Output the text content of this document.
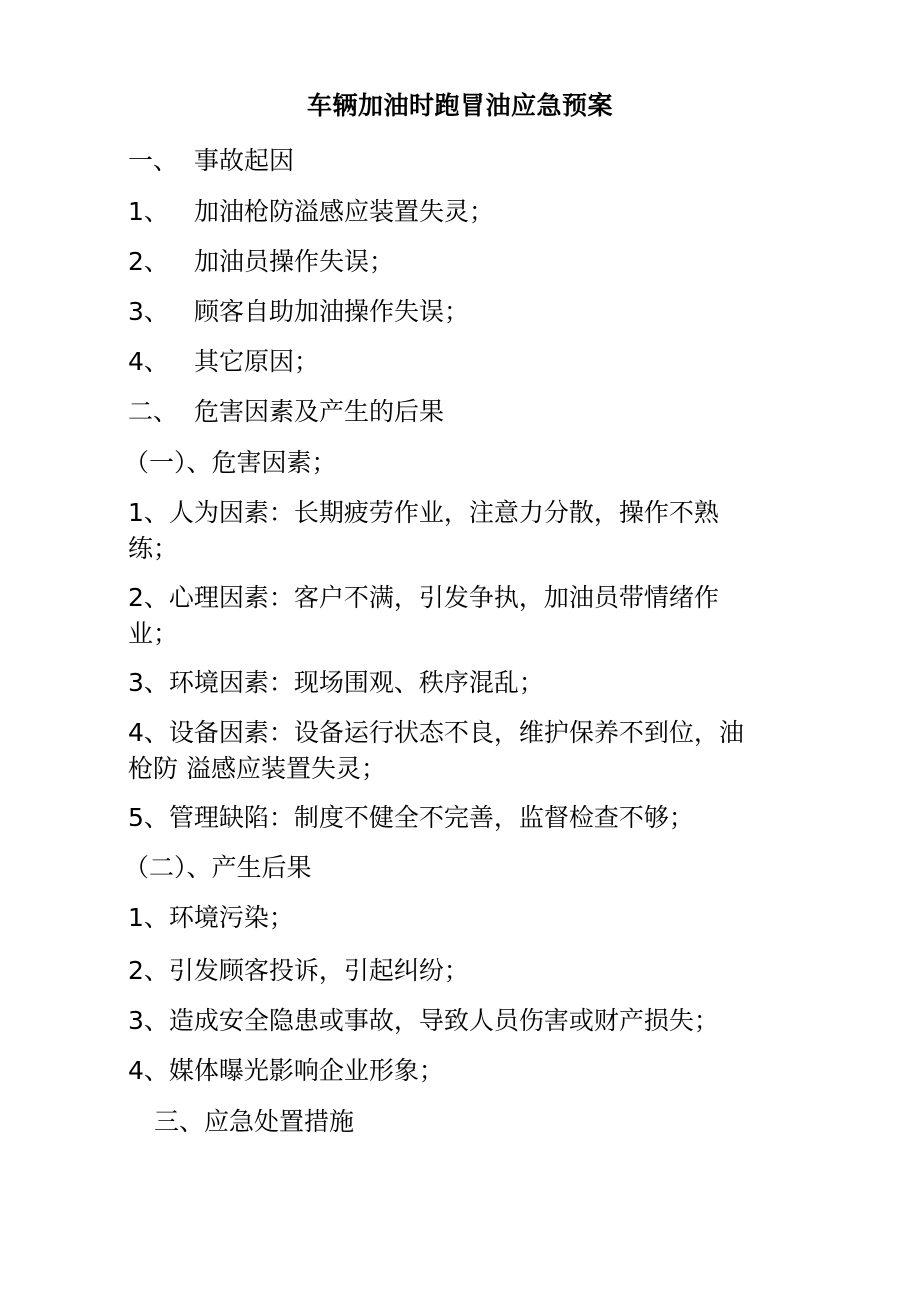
车辆加油时跑冒油应急预案
一、 事故起因
1、 加油枪防溢感应装置失灵；
2、 加油员操作失误；
3、 顾客自助加油操作失误；
4、 其它原因；
二、 危害因素及产生的后果
（一）、危害因素；
1、人为因素：长期疲劳作业，注意力分散，操作不熟
练；
2、心理因素：客户不满，引发争执，加油员带情绪作
业；
3、环境因素：现场围观、秩序混乱；
4、设备因素：设备运行状态不良，维护保养不到位，油
枪防 溢感应装置失灵；
5、管理缺陷：制度不健全不完善，监督检查不够；
（二）、产生后果
1、环境污染；
2、引发顾客投诉，引起纠纷；
3、造成安全隐患或事故，导致人员伤害或财产损失；
4、媒体曝光影响企业形象；
三、应急处置措施
